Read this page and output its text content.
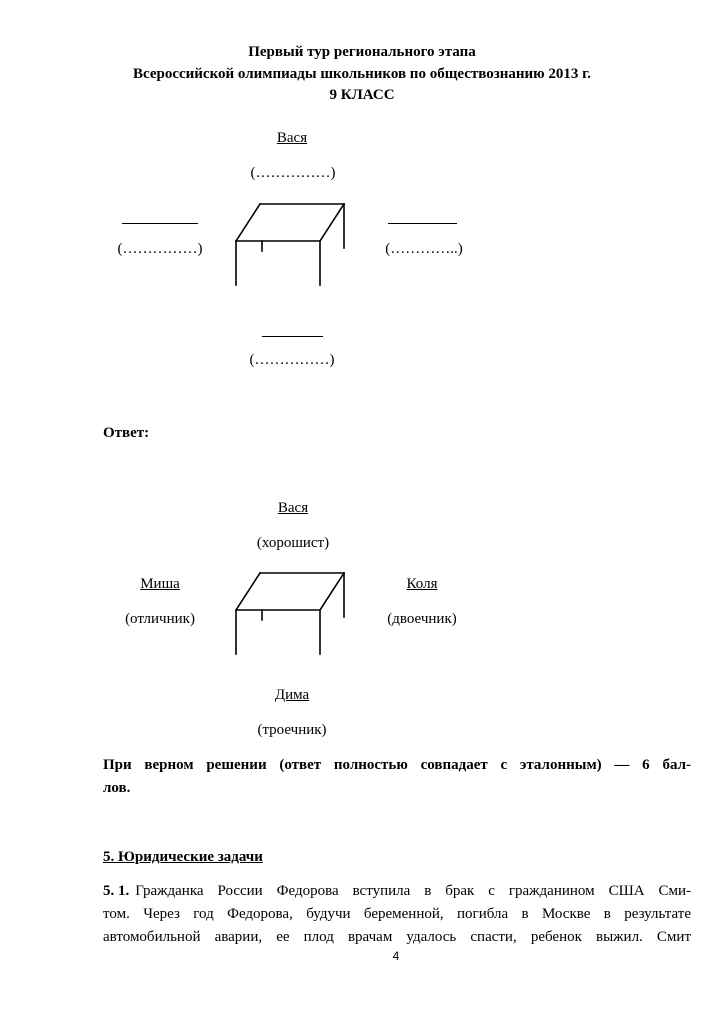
Первый тур регионального этапа
Всероссийской олимпиады школьников по обществознанию 2013 г.
9 КЛАСС
Вася
(……………)
(……………)	(…………..)
(……………)
Ответ:
Вася
(хорошист)
Миша
(отличник)
Коля
(двоечник)
Дима
(троечник)
При верном решении (ответ полностью совпадает с эталонным) — 6 бал-
лов.
5. Юридические задачи
5. 1. Гражданка России Федорова вступила в брак с гражданином США Сми-
том. Через год Федорова, будучи беременной, погибла в Москве в результате
автомобильной аварии, ее плод врачам удалось спасти, ребенок выжил. Смит
4
